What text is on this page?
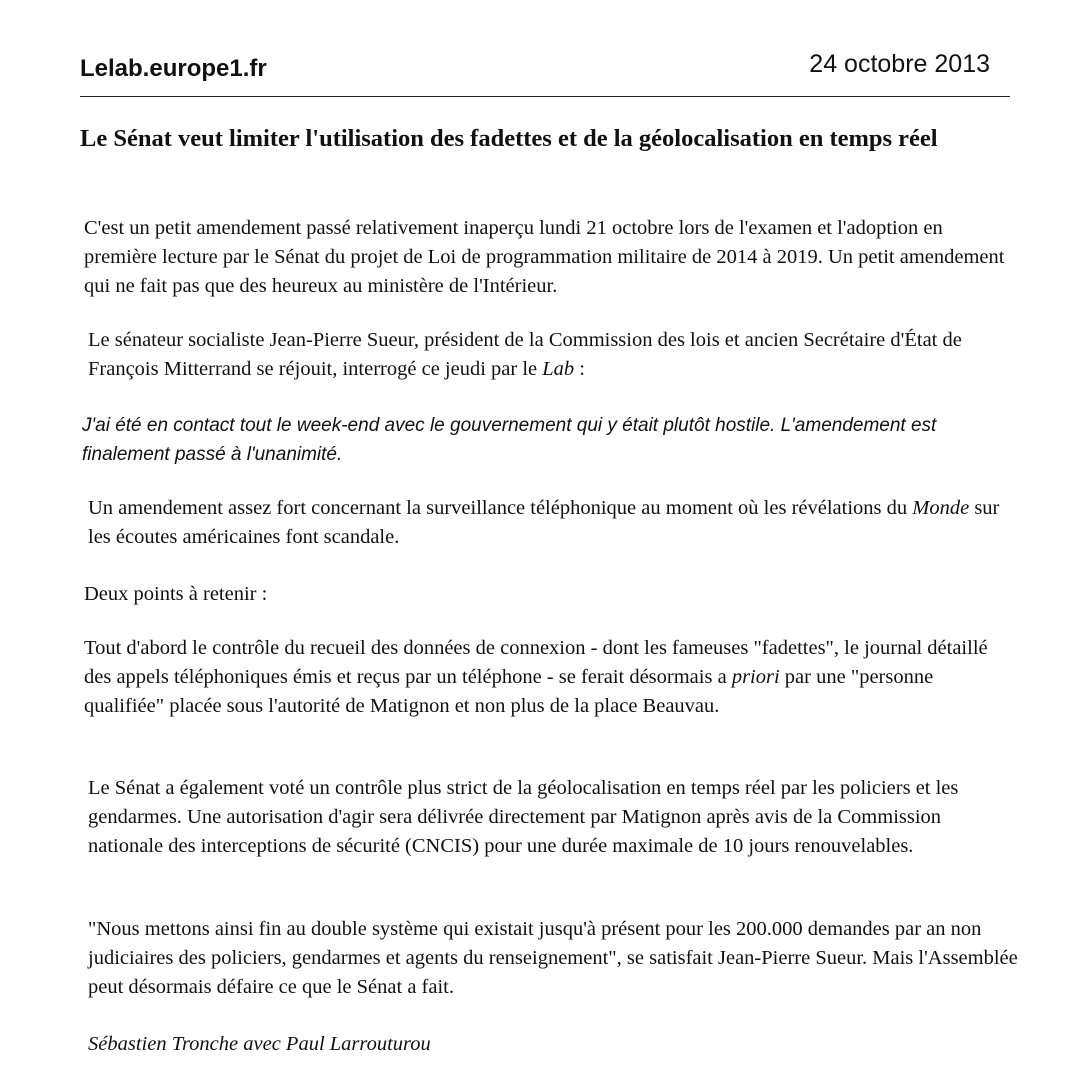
Lelab.europe1.fr	24 octobre 2013
Le Sénat veut limiter l'utilisation des fadettes et de la géolocalisation en temps réel

C'est un petit amendement passé relativement inaperçu lundi 21 octobre lors de l'examen et l'adoption en première lecture par le Sénat du projet de Loi de programmation militaire de 2014 à 2019. Un petit amendement qui ne fait pas que des heureux au ministère de l'Intérieur.

Le sénateur socialiste Jean-Pierre Sueur, président de la Commission des lois et ancien Secrétaire d'État de François Mitterrand se réjouit, interrogé ce jeudi par le Lab :

J'ai été en contact tout le week-end avec le gouvernement qui y était plutôt hostile. L'amendement est finalement passé à l'unanimité.

Un amendement assez fort concernant la surveillance téléphonique au moment où les révélations du Monde sur les écoutes américaines font scandale.

Deux points à retenir :

Tout d'abord le contrôle du recueil des données de connexion - dont les fameuses "fadettes", le journal détaillé des appels téléphoniques émis et reçus par un téléphone - se ferait désormais a priori par une "personne qualifiée" placée sous l'autorité de Matignon et non plus de la place Beauvau.

Le Sénat a également voté un contrôle plus strict de la géolocalisation en temps réel par les policiers et les gendarmes. Une autorisation d'agir sera délivrée directement par Matignon après avis de la Commission nationale des interceptions de sécurité (CNCIS) pour une durée maximale de 10 jours renouvelables.

"Nous mettons ainsi fin au double système qui existait jusqu'à présent pour les 200.000 demandes par an non judiciaires des policiers, gendarmes et agents du renseignement", se satisfait Jean-Pierre Sueur. Mais l'Assemblée peut désormais défaire ce que le Sénat a fait.

Sébastien Tronche avec Paul Larrouturou
